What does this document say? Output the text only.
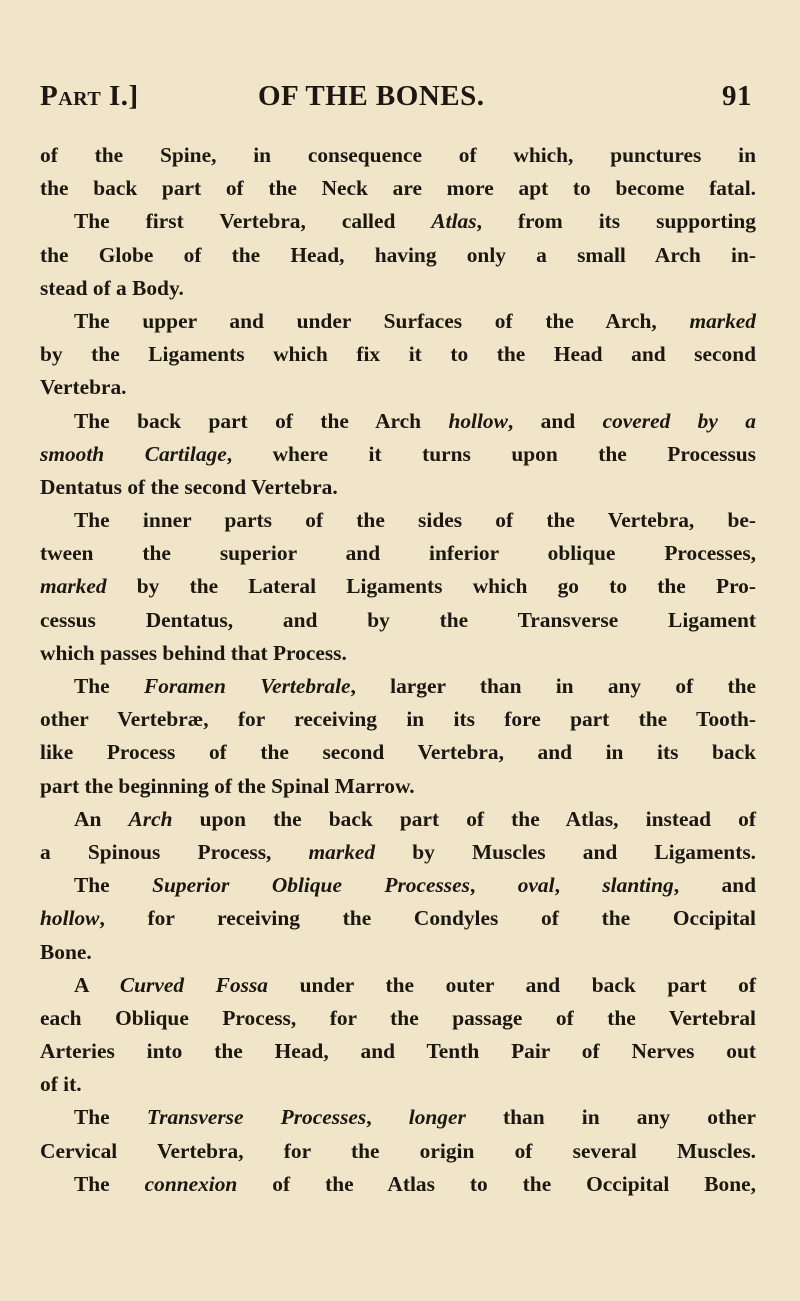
Part I.]	OF THE BONES.	91
of the Spine, in consequence of which, punctures in
the back part of the Neck are more apt to become fatal.
The first Vertebra, called Atlas, from its supporting
the Globe of the Head, having only a small Arch in-
stead of a Body.
The upper and under Surfaces of the Arch, marked
by the Ligaments which fix it to the Head and second
Vertebra.
The back part of the Arch hollow, and covered by a
smooth Cartilage, where it turns upon the Processus
Dentatus of the second Vertebra.
The inner parts of the sides of the Vertebra, be-
tween the superior and inferior oblique Processes,
marked by the Lateral Ligaments which go to the Pro-
cessus Dentatus, and by the Transverse Ligament
which passes behind that Process.
The Foramen Vertebrale, larger than in any of the
other Vertebræ, for receiving in its fore part the Tooth-
like Process of the second Vertebra, and in its back
part the beginning of the Spinal Marrow.
An Arch upon the back part of the Atlas, instead of
a Spinous Process, marked by Muscles and Ligaments.
The Superior Oblique Processes, oval, slanting, and
hollow, for receiving the Condyles of the Occipital
Bone.
A Curved Fossa under the outer and back part of
each Oblique Process, for the passage of the Vertebral
Arteries into the Head, and Tenth Pair of Nerves out
of it.
The Transverse Processes, longer than in any other
Cervical Vertebra, for the origin of several Muscles.
The connexion of the Atlas to the Occipital Bone,
